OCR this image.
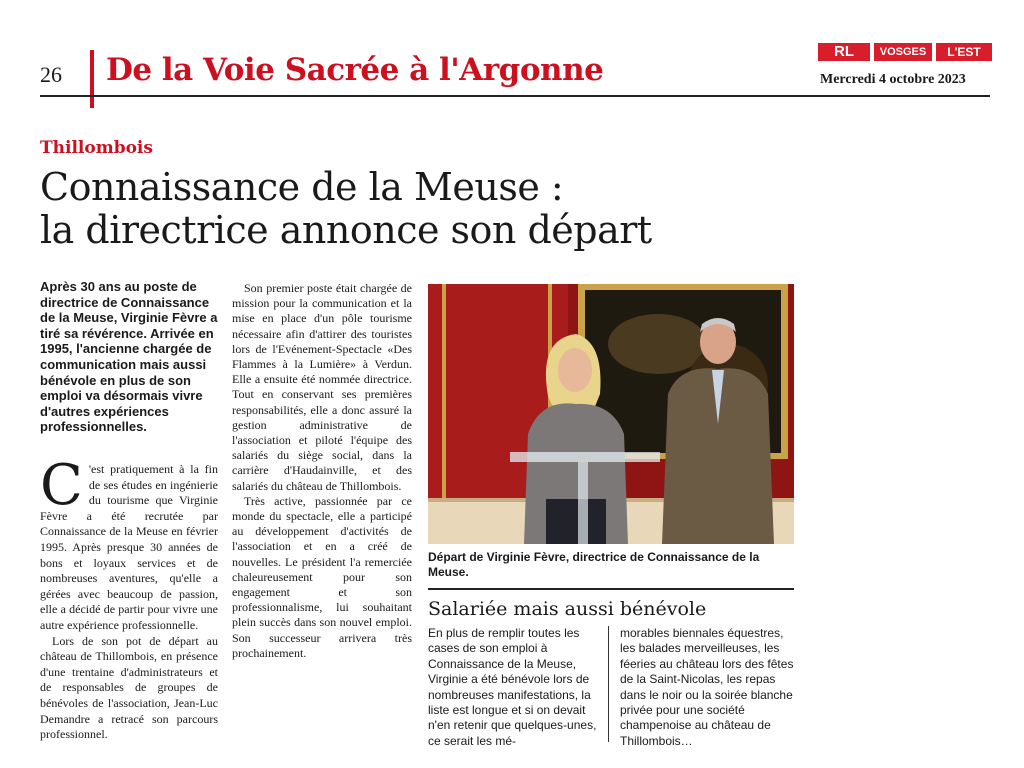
26 De la Voie Sacrée à l'Argonne
RL	VOSGES	L'EST
Mercredi 4 octobre 2023
Thillombois
Connaissance de la Meuse :
la directrice annonce son départ
Après 30 ans au poste de directrice de Connaissance de la Meuse, Virginie Fèvre a tiré sa révérence. Arrivée en 1995, l'ancienne chargée de communication mais aussi bénévole en plus de son emploi va désormais vivre d'autres expériences professionnelles.
C 'est pratiquement à la fin de ses études en ingénierie du tourisme que Virginie Fèvre a été recrutée par Connaissance de la Meuse en février 1995. Après presque 30 années de bons et loyaux services et de nombreuses aventures, qu'elle a gérées avec beaucoup de passion, elle a décidé de partir pour vivre une autre expérience professionnelle.

Lors de son pot de départ au château de Thillombois, en présence d'une trentaine d'administrateurs et de responsables de groupes de bénévoles de l'association, Jean-Luc Demandre a retracé son parcours professionnel.

Son premier poste était chargée de mission pour la communication et la mise en place d'un pôle tourisme nécessaire afin d'attirer des touristes lors de l'Evénement-Spectacle «Des Flammes à la Lumière» à Verdun. Elle a ensuite été nommée directrice. Tout en conservant ses premières responsabilités, elle a donc assuré la gestion administrative de l'association et piloté l'équipe des salariés du siège social, dans la carrière d'Haudainville, et des salariés du château de Thillombois.

Très active, passionnée par ce monde du spectacle, elle a participé au développement d'activités de l'association et en a créé de nouvelles. Le président l'a remerciée chaleureusement pour son engagement et son professionnalisme, lui souhaitant plein succès dans son nouvel emploi. Son successeur arrivera très prochainement.

Départ de Virginie Fèvre, directrice de Connaissance de la Meuse.
Salariée mais aussi bénévole
En plus de remplir toutes les cases de son emploi à Connaissance de la Meuse, Virginie a été bénévole lors de nombreuses manifestations, la liste est longue et si on devait n'en retenir que quelques-unes, ce serait les mé-
morables biennales équestres, les balades merveilleuses, les féeries au château lors des fêtes de la Saint-Nicolas, les repas dans le noir ou la soirée blanche privée pour une société champenoise au château de Thillombois…
